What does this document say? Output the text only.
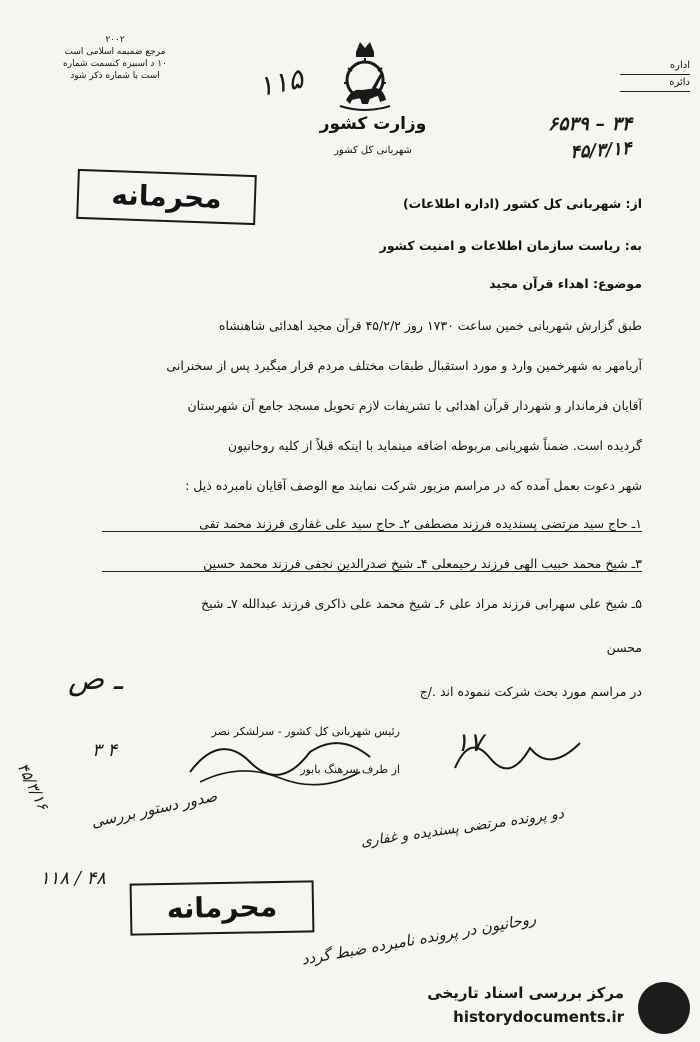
۲۰۰۲
مرجع ضمیمه اسلامی است
۱۰ د اسبیزه کنسمت شماره
است با شماره ذکر شود	۱۱۵
وزارت کشور
شهربانی کل کشور
اداره
دائره
۶۵۳۹ – ۳۴
۴۵/۳/۱۴
محرمانه
محرمانه
از: شهربانی کل کشور (اداره اطلاعات)
به: ریاست سازمان اطلاعات و امنیت کشور
موضوع: اهداء قرآن مجید
طبق گزارش شهربانی خمین ساعت ۱۷۳۰ روز ۴۵/۲/۲ قرآن مجید اهدائی شاهنشاه
آریامهر به شهرخمین وارد و مورد استقبال طبقات مختلف مردم قرار میگیرد پس از سخنرانی
آقایان فرماندار و شهردار قرآن اهدائی با تشریفات لازم تحویل مسجد جامع آن شهرستان
گردیده است. ضمناً شهربانی مربوطه اضافه مینماید با اینکه قبلاً از کلیه روحانیون
شهر دعوت بعمل آمده که در مراسم مزبور شرکت نمایند مع الوصف آقایان نامبرده ذیل :
۱ـ حاج سید مرتضی پسندیده فرزند مصطفی ۲ـ حاج سید علی غفاری فرزند محمد تقی
۳ـ شیخ محمد حبیب الهی فرزند رحیمعلی ۴ـ شیخ صدرالدین نجفی فرزند محمد حسین
۵ـ شیخ علی سهرابی فرزند مراد علی ۶ـ شیخ محمد علی ذاکری فرزند عبدالله ۷ـ شیخ
محسن
در مراسم مورد بحث شرکت ننموده اند ./ج
رئیس شهربانی کل کشور - سرلشکر نصر
از طرف سرهنگ بابور
ـ ص
۳ ۴
۴۵/۳/۱۶	صدور دستور بررسی
۱۱۸ / ۴۸
دو پرونده مرتضی پسندیده و غفاری
روحانیون در پرونده نامبرده ضبط گردد
۱۷
مرکز بررسی اسناد تاریخی
historydocuments.ir
